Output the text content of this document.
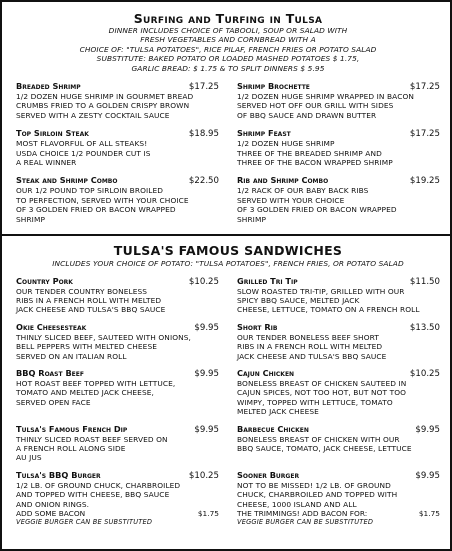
Surfing and Turfing in Tulsa
DINNER INCLUDES CHOICE OF TABOOLI, SOUP OR SALAD WITH
FRESH VEGETABLES AND CORNBREAD WITH A
CHOICE OF: "TULSA POTATOES", RICE PILAF, FRENCH FRIES OR POTATO SALAD
SUBSTITUTE: BAKED POTATO OR LOADED MASHED POTATOES $ 1.75,
GARLIC BREAD: $ 1.75 & TO SPLIT DINNERS $ 5.95
Breaded Shrimp	$17.25
1/2 DOZEN HUGE SHRIMP IN GOURMET BREAD
CRUMBS FRIED TO A GOLDEN CRISPY BROWN
SERVED WITH A ZESTY COCKTAIL SAUCE
Shrimp Brochette	$17.25
1/2 DOZEN HUGE SHRIMP WRAPPED IN BACON
SERVED HOT OFF OUR GRILL WITH SIDES
OF BBQ SAUCE AND DRAWN BUTTER
Top Sirloin Steak	$18.95
MOST FLAVORFUL OF ALL STEAKS!
USDA CHOICE 1/2 POUNDER CUT IS
A REAL WINNER
Shrimp Feast	$17.25
1/2 DOZEN HUGE SHRIMP
THREE OF THE BREADED SHRIMP AND
THREE OF THE BACON WRAPPED SHRIMP
Steak and Shrimp Combo	$22.50
OUR 1/2 POUND TOP SIRLOIN BROILED
TO PERFECTION, SERVED WITH YOUR CHOICE
OF 3 GOLDEN FRIED OR BACON WRAPPED
SHRIMP
Rib and Shrimp Combo	$19.25
1/2 RACK OF OUR BABY BACK RIBS
SERVED WITH YOUR CHOICE
OF 3 GOLDEN FRIED OR BACON WRAPPED
SHRIMP
TULSA'S FAMOUS SANDWICHES
INCLUDES YOUR CHOICE OF POTATO: "TULSA POTATOES", FRENCH FRIES, OR POTATO SALAD
Country Pork	$10.25
OUR TENDER COUNTRY BONELESS
RIBS IN A FRENCH ROLL WITH MELTED
JACK CHEESE AND TULSA'S BBQ SAUCE
Grilled Tri Tip	$11.50
SLOW ROASTED TRI-TIP, GRILLED WITH OUR
SPICY BBQ SAUCE, MELTED JACK
CHEESE, LETTUCE, TOMATO ON A FRENCH ROLL
Okie Cheesesteak	$9.95
THINLY SLICED BEEF, SAUTEED WITH ONIONS,
BELL PEPPERS WITH MELTED CHEESE
SERVED ON AN ITALIAN ROLL
Short Rib	$13.50
OUR TENDER BONELESS BEEF SHORT
RIBS IN A FRENCH ROLL WITH MELTED
JACK CHEESE AND TULSA'S BBQ SAUCE
BBQ Roast Beef	$9.95
HOT ROAST BEEF TOPPED WITH LETTUCE,
TOMATO AND MELTED JACK CHEESE,
SERVED OPEN FACE
Cajun Chicken	$10.25
BONELESS BREAST OF CHICKEN SAUTEED IN
CAJUN SPICES, NOT TOO HOT, BUT NOT TOO
WIMPY, TOPPED WITH LETTUCE, TOMATO
MELTED JACK CHEESE
Tulsa's Famous French Dip	$9.95
THINLY SLICED ROAST BEEF SERVED ON
A FRENCH ROLL ALONG SIDE
AU JUS
Barbecue Chicken	$9.95
BONELESS BREAST OF CHICKEN WITH OUR
BBQ SAUCE, TOMATO, JACK CHEESE, LETTUCE
Tulsa's BBQ Burger	$10.25
1/2 LB. OF GROUND CHUCK, CHARBROILED
AND TOPPED WITH CHEESE, BBQ SAUCE
AND ONION RINGS.
ADD SOME BACON	$1.75
VEGGIE BURGER CAN BE SUBSTITUTED
Sooner Burger	$9.95
NOT TO BE MISSED! 1/2 LB. OF GROUND
CHUCK, CHARBROILED AND TOPPED WITH
CHEESE, 1000 ISLAND AND ALL
THE TRIMMINGS! ADD BACON FOR:	$1.75
VEGGIE BURGER CAN BE SUBSTITUTED
